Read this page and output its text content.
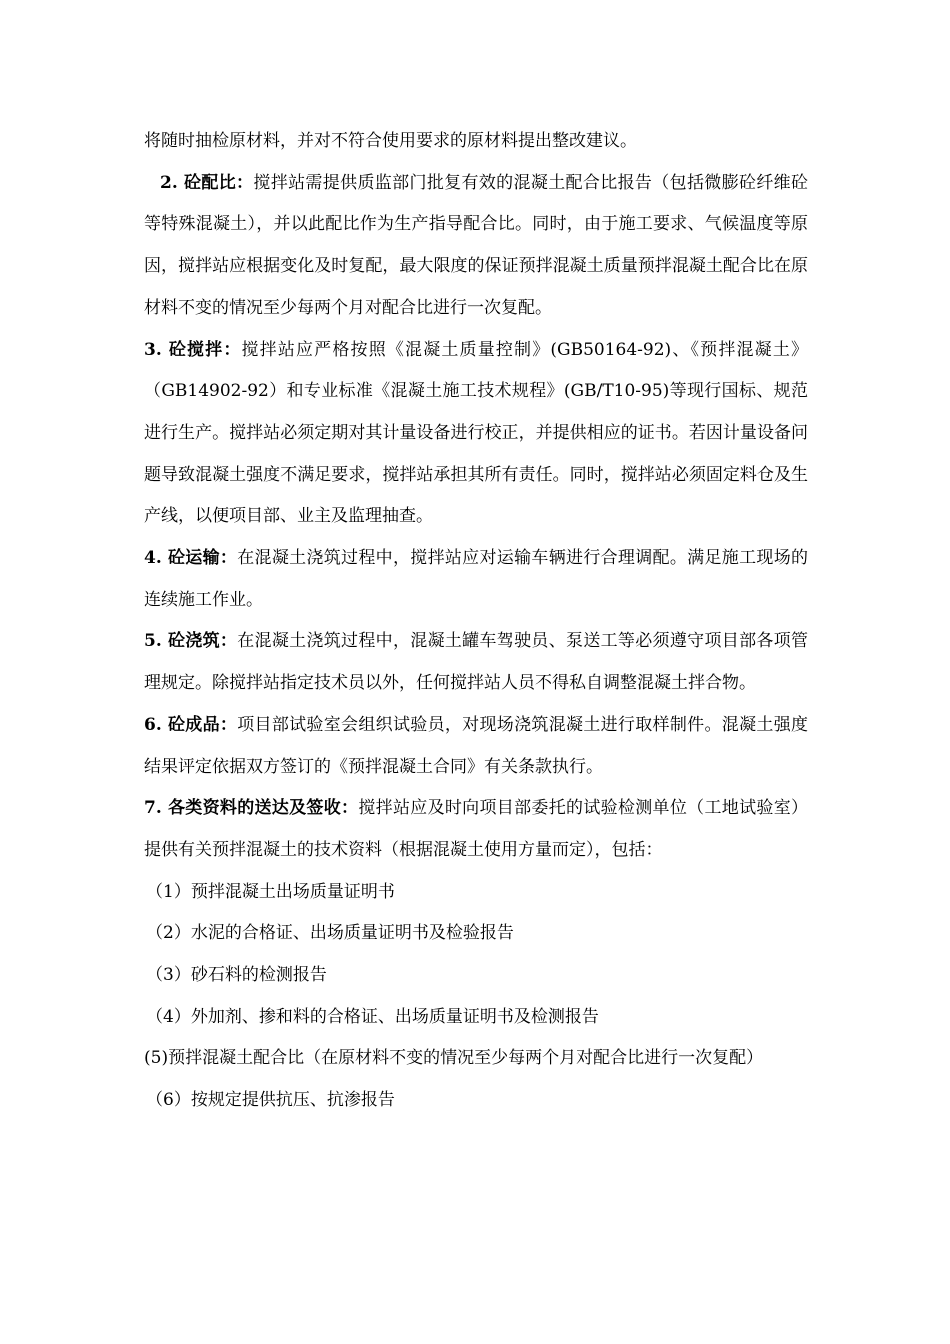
将随时抽检原材料，并对不符合使用要求的原材料提出整改建议。

2. 砼配比：搅拌站需提供质监部门批复有效的混凝土配合比报告（包括微膨砼纤维砼等特殊混凝土），并以此配比作为生产指导配合比。同时，由于施工要求、气候温度等原因，搅拌站应根据变化及时复配，最大限度的保证预拌混凝土质量预拌混凝土配合比在原材料不变的情况至少每两个月对配合比进行一次复配。

3. 砼搅拌：搅拌站应严格按照《混凝土质量控制》(GB50164-92)、《预拌混凝土》（GB14902-92）和专业标准《混凝土施工技术规程》(GB/T10-95)等现行国标、规范进行生产。搅拌站必须定期对其计量设备进行校正，并提供相应的证书。若因计量设备问题导致混凝土强度不满足要求，搅拌站承担其所有责任。同时，搅拌站必须固定料仓及生产线，以便项目部、业主及监理抽查。

4. 砼运输：在混凝土浇筑过程中，搅拌站应对运输车辆进行合理调配。满足施工现场的连续施工作业。

5. 砼浇筑：在混凝土浇筑过程中，混凝土罐车驾驶员、泵送工等必须遵守项目部各项管理规定。除搅拌站指定技术员以外，任何搅拌站人员不得私自调整混凝土拌合物。

6. 砼成品：项目部试验室会组织试验员，对现场浇筑混凝土进行取样制件。混凝土强度结果评定依据双方签订的《预拌混凝土合同》有关条款执行。

7. 各类资料的送达及签收：搅拌站应及时向项目部委托的试验检测单位（工地试验室）提供有关预拌混凝土的技术资料（根据混凝土使用方量而定），包括：

（1）预拌混凝土出场质量证明书

（2）水泥的合格证、出场质量证明书及检验报告

（3）砂石料的检测报告

（4）外加剂、掺和料的合格证、出场质量证明书及检测报告

(5)预拌混凝土配合比（在原材料不变的情况至少每两个月对配合比进行一次复配）

（6）按规定提供抗压、抗渗报告
